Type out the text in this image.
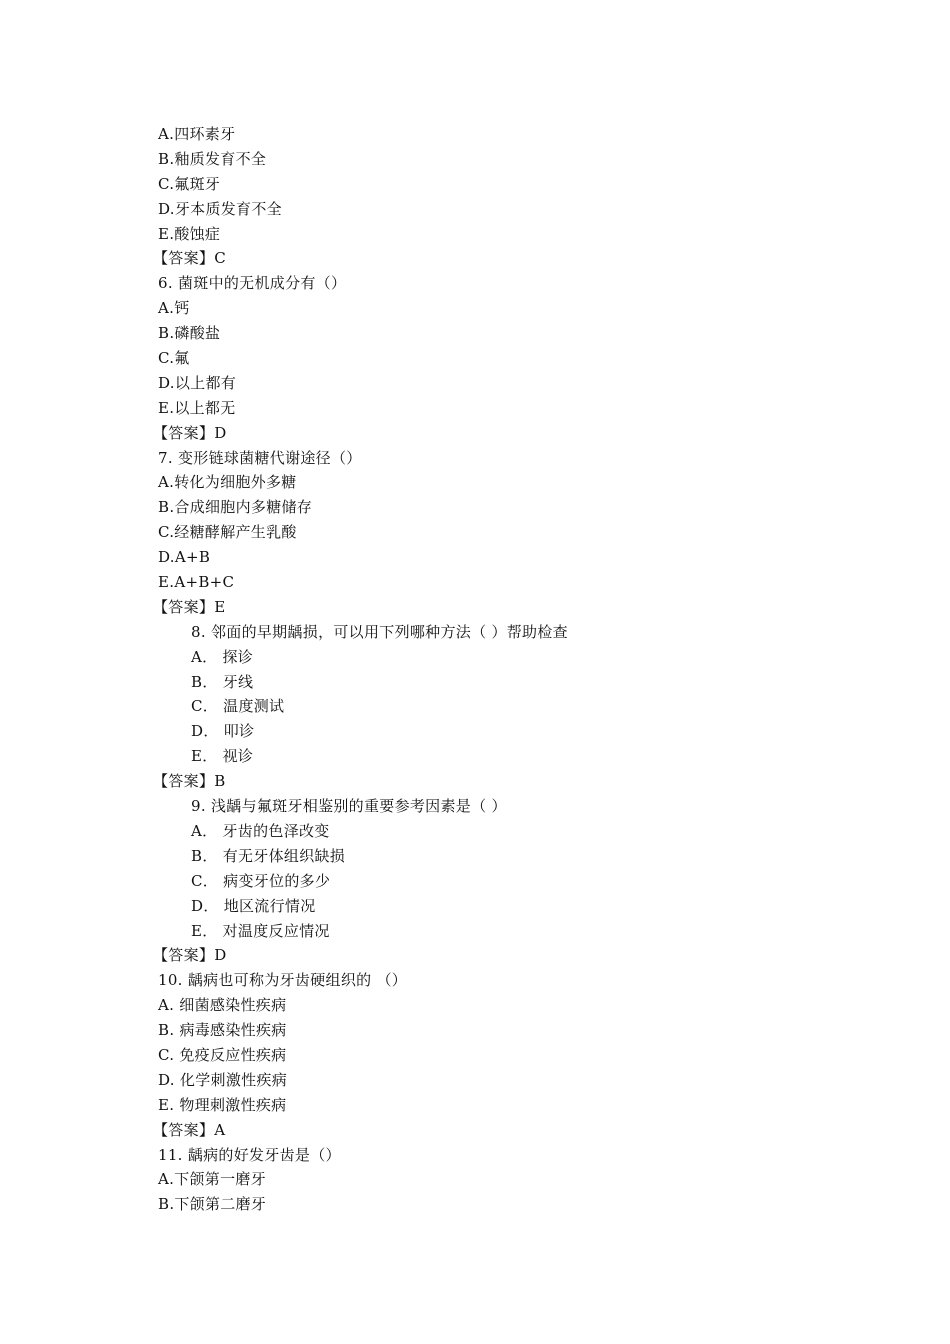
A.四环素牙
B.釉质发育不全
C.氟斑牙
D.牙本质发育不全
E.酸蚀症
【答案】C
6. 菌斑中的无机成分有（）
A.钙
B.磷酸盐
C.氟
D.以上都有
E.以上都无
【答案】D
7. 变形链球菌糖代谢途径（）
A.转化为细胞外多糖
B.合成细胞内多糖储存
C.经糖酵解产生乳酸
D.A+B
E.A+B+C
【答案】E
8. 邻面的早期龋损，可以用下列哪种方法（ ）帮助检查
A． 探诊
B． 牙线
C． 温度测试
D． 叩诊
E． 视诊
【答案】B
9. 浅龋与氟斑牙相鉴别的重要参考因素是（ ）
A． 牙齿的色泽改变
B． 有无牙体组织缺损
C． 病变牙位的多少
D． 地区流行情况
E． 对温度反应情况
【答案】D
10. 龋病也可称为牙齿硬组织的 （）
A. 细菌感染性疾病
B. 病毒感染性疾病
C. 免疫反应性疾病
D. 化学刺激性疾病
E. 物理刺激性疾病
【答案】A
11. 龋病的好发牙齿是（）
A.下颌第一磨牙
B.下颌第二磨牙
